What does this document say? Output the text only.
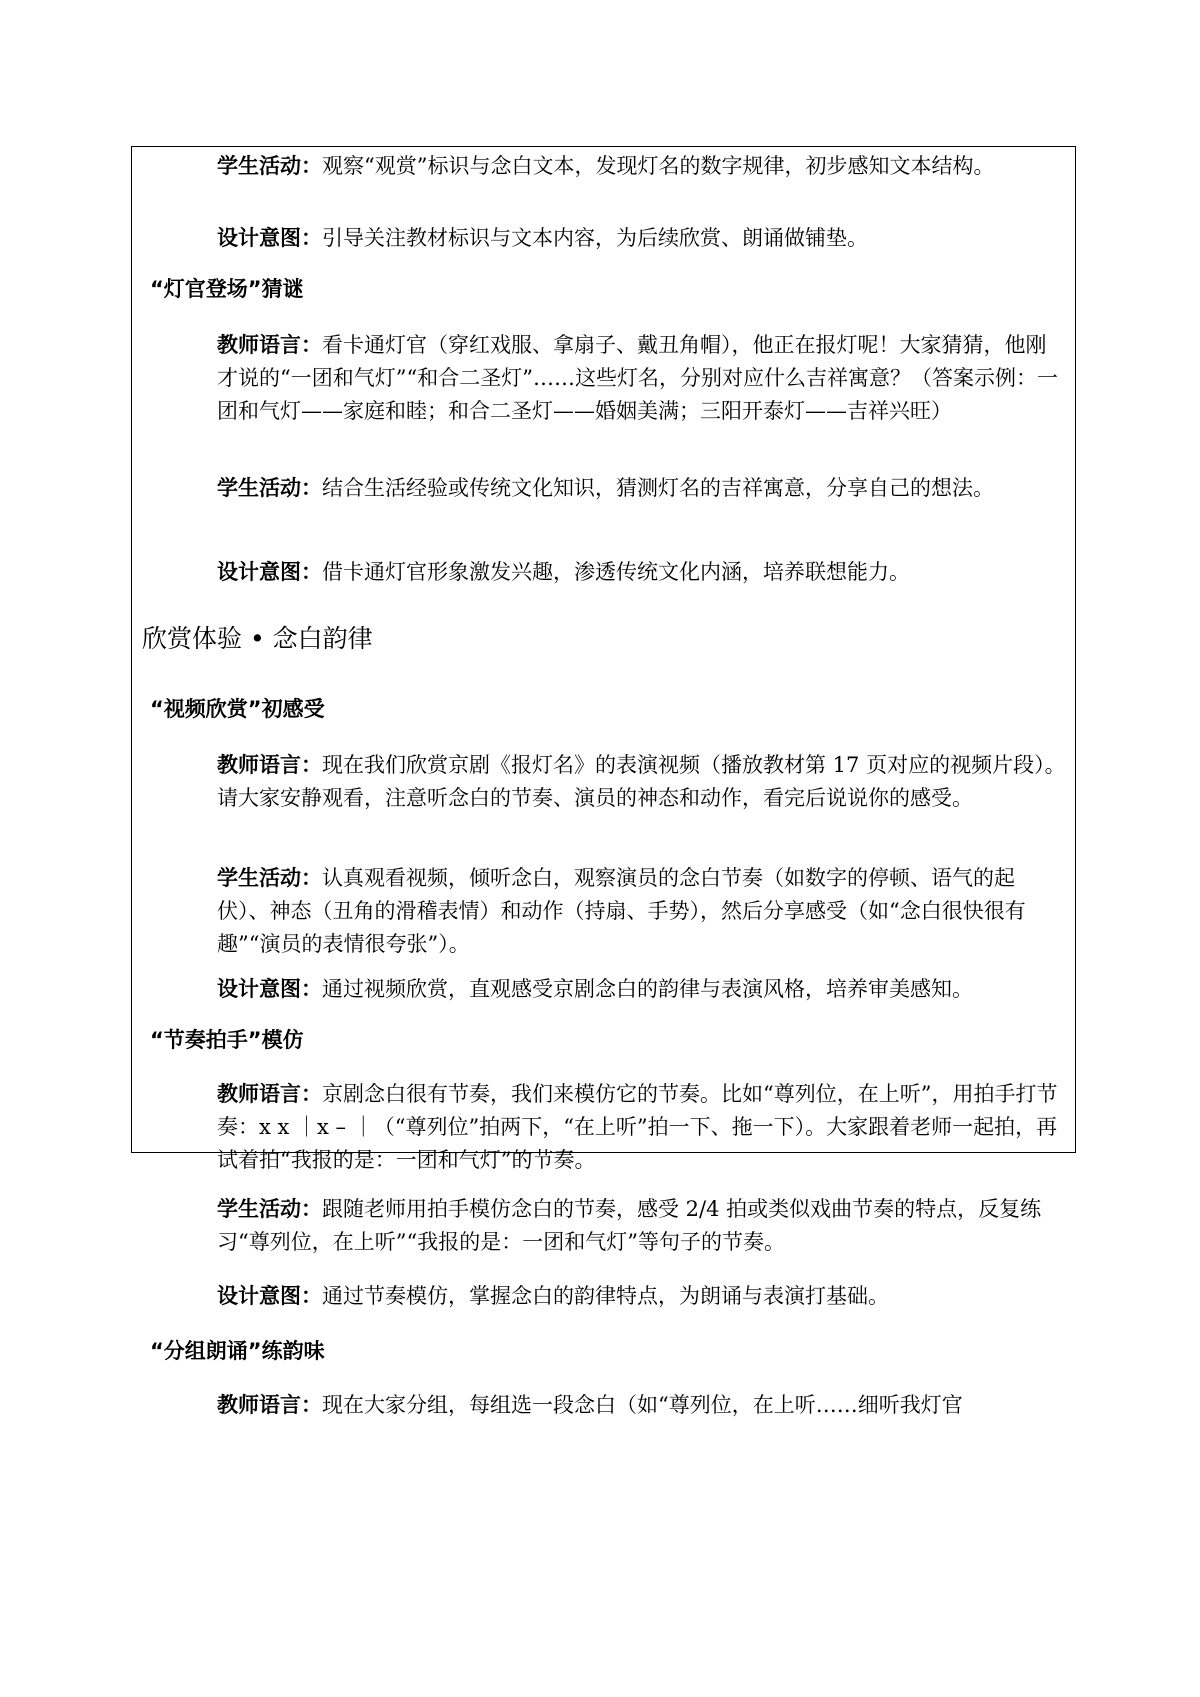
学生活动：观察“观赏”标识与念白文本，发现灯名的数字规律，初步感知文本结构。

设计意图：引导关注教材标识与文本内容，为后续欣赏、朗诵做铺垫。

“灯官登场”猜谜

教师语言：看卡通灯官（穿红戏服、拿扇子、戴丑角帽），他正在报灯呢！大家猜猜，他刚才说的“一团和气灯”“和合二圣灯”……这些灯名，分别对应什么吉祥寓意？（答案示例：一团和气灯——家庭和睦；和合二圣灯——婚姻美满；三阳开泰灯——吉祥兴旺）

学生活动：结合生活经验或传统文化知识，猜测灯名的吉祥寓意，分享自己的想法。

设计意图：借卡通灯官形象激发兴趣，渗透传统文化内涵，培养联想能力。

欣赏体验 • 念白韵律

“视频欣赏”初感受

教师语言：现在我们欣赏京剧《报灯名》的表演视频（播放教材第 17 页对应的视频片段）。请大家安静观看，注意听念白的节奏、演员的神态和动作，看完后说说你的感受。

学生活动：认真观看视频，倾听念白，观察演员的念白节奏（如数字的停顿、语气的起伏）、神态（丑角的滑稽表情）和动作（持扇、手势），然后分享感受（如“念白很快很有趣”“演员的表情很夸张”）。

设计意图：通过视频欣赏，直观感受京剧念白的韵律与表演风格，培养审美感知。

“节奏拍手”模仿

教师语言：京剧念白很有节奏，我们来模仿它的节奏。比如“尊列位，在上听”，用拍手打节奏：x x ｜x – ｜（“尊列位”拍两下，“在上听”拍一下、拖一下）。大家跟着老师一起拍，再试着拍“我报的是：一团和气灯”的节奏。

学生活动：跟随老师用拍手模仿念白的节奏，感受 2/4 拍或类似戏曲节奏的特点，反复练习“尊列位，在上听”“我报的是：一团和气灯”等句子的节奏。

设计意图：通过节奏模仿，掌握念白的韵律特点，为朗诵与表演打基础。

“分组朗诵”练韵味

教师语言：现在大家分组，每组选一段念白（如“尊列位，在上听……细听我灯官
